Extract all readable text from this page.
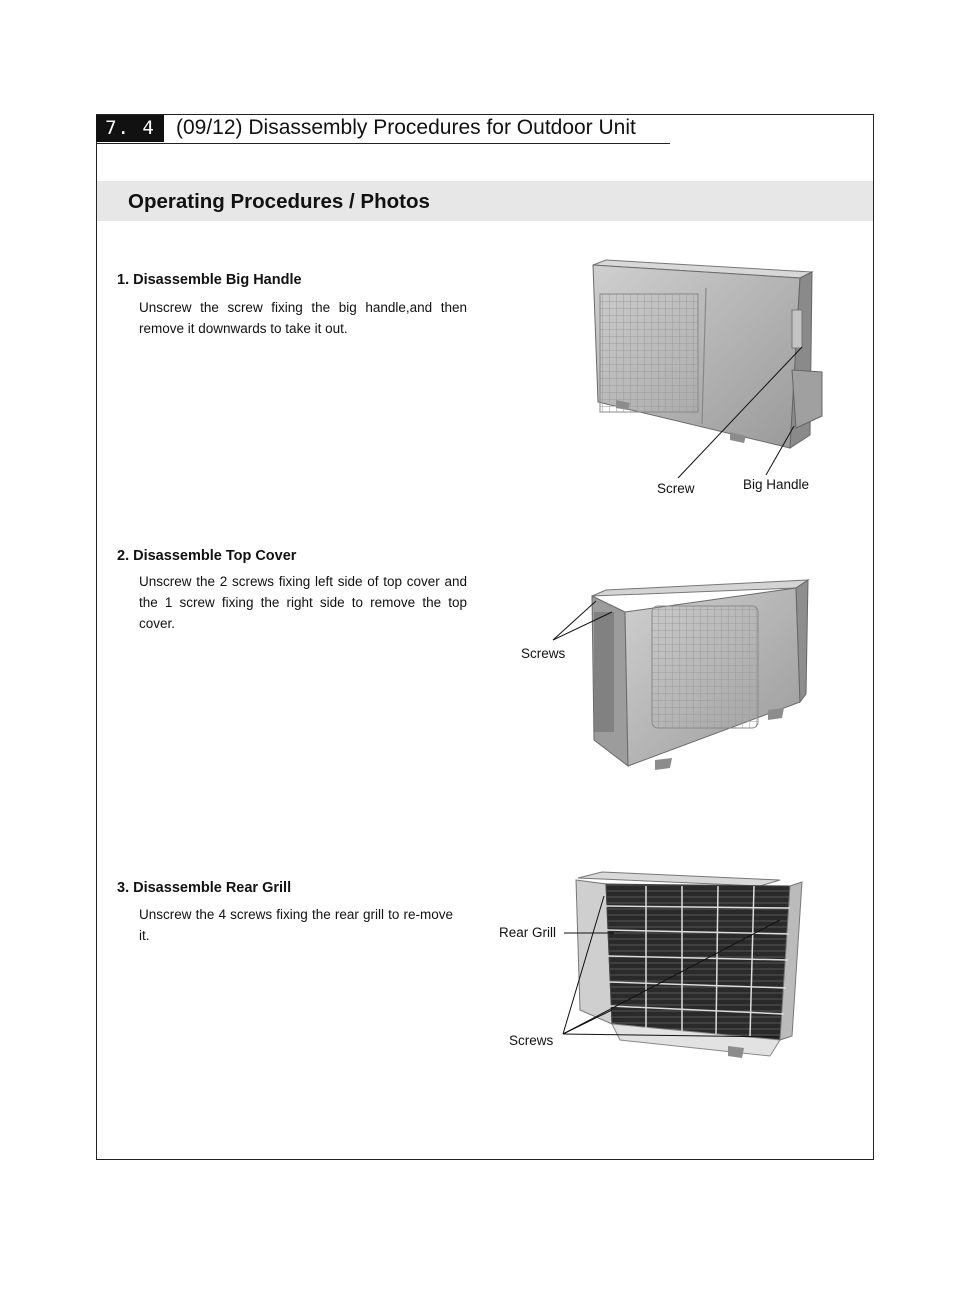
7. 4	(09/12) Disassembly Procedures for Outdoor Unit
Operating Procedures / Photos
1. Disassemble Big Handle
Unscrew the screw fixing the big handle,and then remove it downwards to take it out.
2. Disassemble Top Cover
Unscrew the 2 screws fixing left side of top cover and the 1 screw fixing the right side to remove the top cover.
3. Disassemble Rear Grill
Unscrew the 4 screws fixing the rear grill to re-move it.
Screw	Big Handle
Screws
Rear Grill
Screws
